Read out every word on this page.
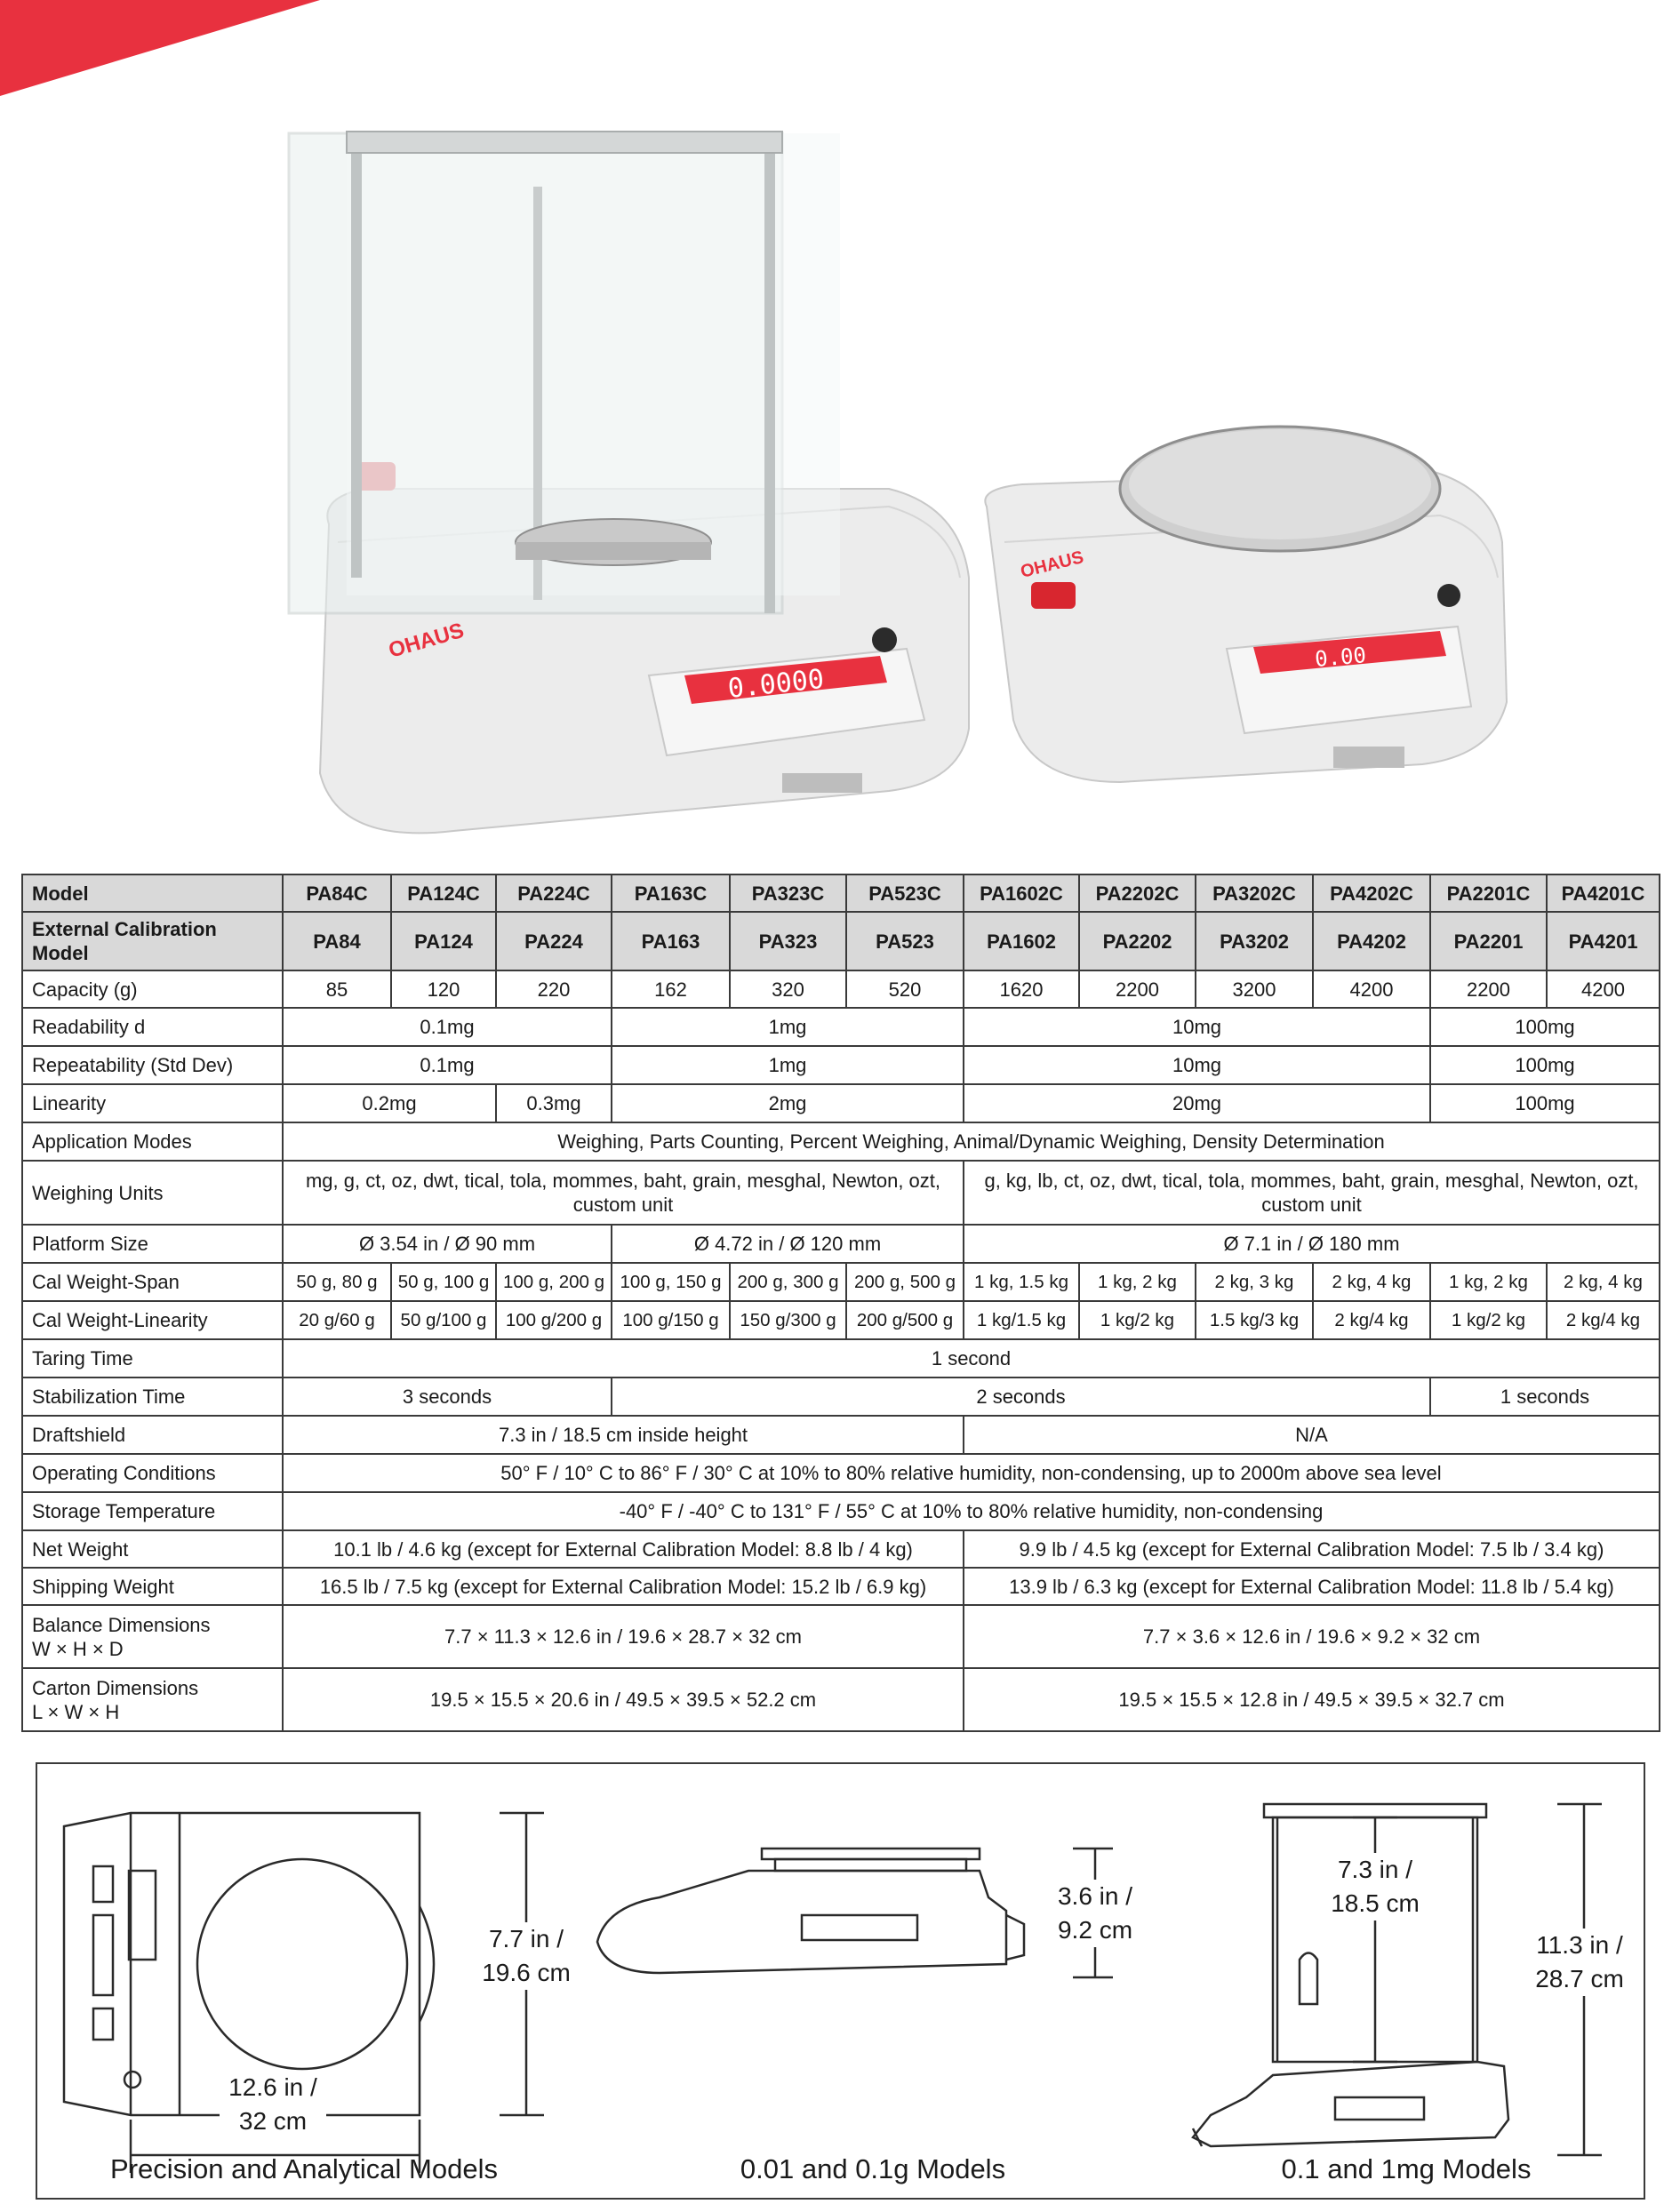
OHAUS
0.0000
OHAUS
0.00
Model	PA84C	PA124C	PA224C	PA163C	PA323C	PA523C	PA1602C	PA2202C	PA3202C	PA4202C	PA2201C	PA4201C
External Calibration Model	PA84	PA124	PA224	PA163	PA323	PA523	PA1602	PA2202	PA3202	PA4202	PA2201	PA4201
Capacity (g)	85	120	220	162	320	520	1620	2200	3200	4200	2200	4200
Readability d	0.1mg			1mg			10mg				100mg	
Repeatability (Std Dev)	0.1mg			1mg			10mg				100mg	
Linearity	0.2mg		0.3mg	2mg			20mg				100mg	
Application Modes	Weighing, Parts Counting, Percent Weighing, Animal/Dynamic Weighing, Density Determination											
Weighing Units	mg, g, ct, oz, dwt, tical, tola, mommes, baht, grain, mesghal, Newton, ozt, custom unit						g, kg, lb, ct, oz, dwt, tical, tola, mommes, baht, grain, mesghal, Newton, ozt, custom unit					
Platform Size	Ø 3.54 in / Ø 90 mm			Ø 4.72 in / Ø 120 mm			Ø 7.1 in / Ø 180 mm					
Cal Weight-Span	50 g, 80 g	50 g, 100 g	100 g, 200 g	100 g, 150 g	200 g, 300 g	200 g, 500 g	1 kg, 1.5 kg	1 kg, 2 kg	2 kg, 3 kg	2 kg, 4 kg	1 kg, 2 kg	2 kg, 4 kg
Cal Weight-Linearity	20 g/60 g	50 g/100 g	100 g/200 g	100 g/150 g	150 g/300 g	200 g/500 g	1 kg/1.5 kg	1 kg/2 kg	1.5 kg/3 kg	2 kg/4 kg	1 kg/2 kg	2 kg/4 kg
Taring Time	1 second											
Stabilization Time	3 seconds			2 seconds							1 seconds	
Draftshield	7.3 in / 18.5 cm inside height						N/A					
Operating Conditions	50° F / 10° C to 86° F / 30° C at 10% to 80% relative humidity, non-condensing, up to 2000m above sea level											
Storage Temperature	-40° F / -40° C to 131° F / 55° C at 10% to 80% relative humidity, non-condensing											
Net Weight	10.1 lb / 4.6 kg (except for External Calibration Model: 8.8 lb / 4 kg)						9.9 lb / 4.5 kg (except for External Calibration Model: 7.5 lb / 3.4 kg)					
Shipping Weight	16.5 lb / 7.5 kg (except for External Calibration Model: 15.2 lb / 6.9 kg)						13.9 lb / 6.3 kg (except for External Calibration Model: 11.8 lb / 5.4 kg)					

Balance Dimensions
W × H × D	7.7 × 11.3 × 12.6 in / 19.6 × 28.7 × 32 cm						7.7 × 3.6 × 12.6 in / 19.6 × 9.2 × 32 cm					

Carton Dimensions
L × W × H	19.5 × 15.5 × 20.6 in / 49.5 × 39.5 × 52.2 cm						19.5 × 15.5 × 12.8 in / 49.5 × 39.5 × 32.7 cm					
7.7 in /
19.6 cm
12.6 in /
32 cm
Precision and Analytical Models
3.6 in /
9.2 cm
0.01 and 0.1g Models
7.3 in /
18.5 cm
11.3 in /
28.7 cm
0.1 and 1mg Models
